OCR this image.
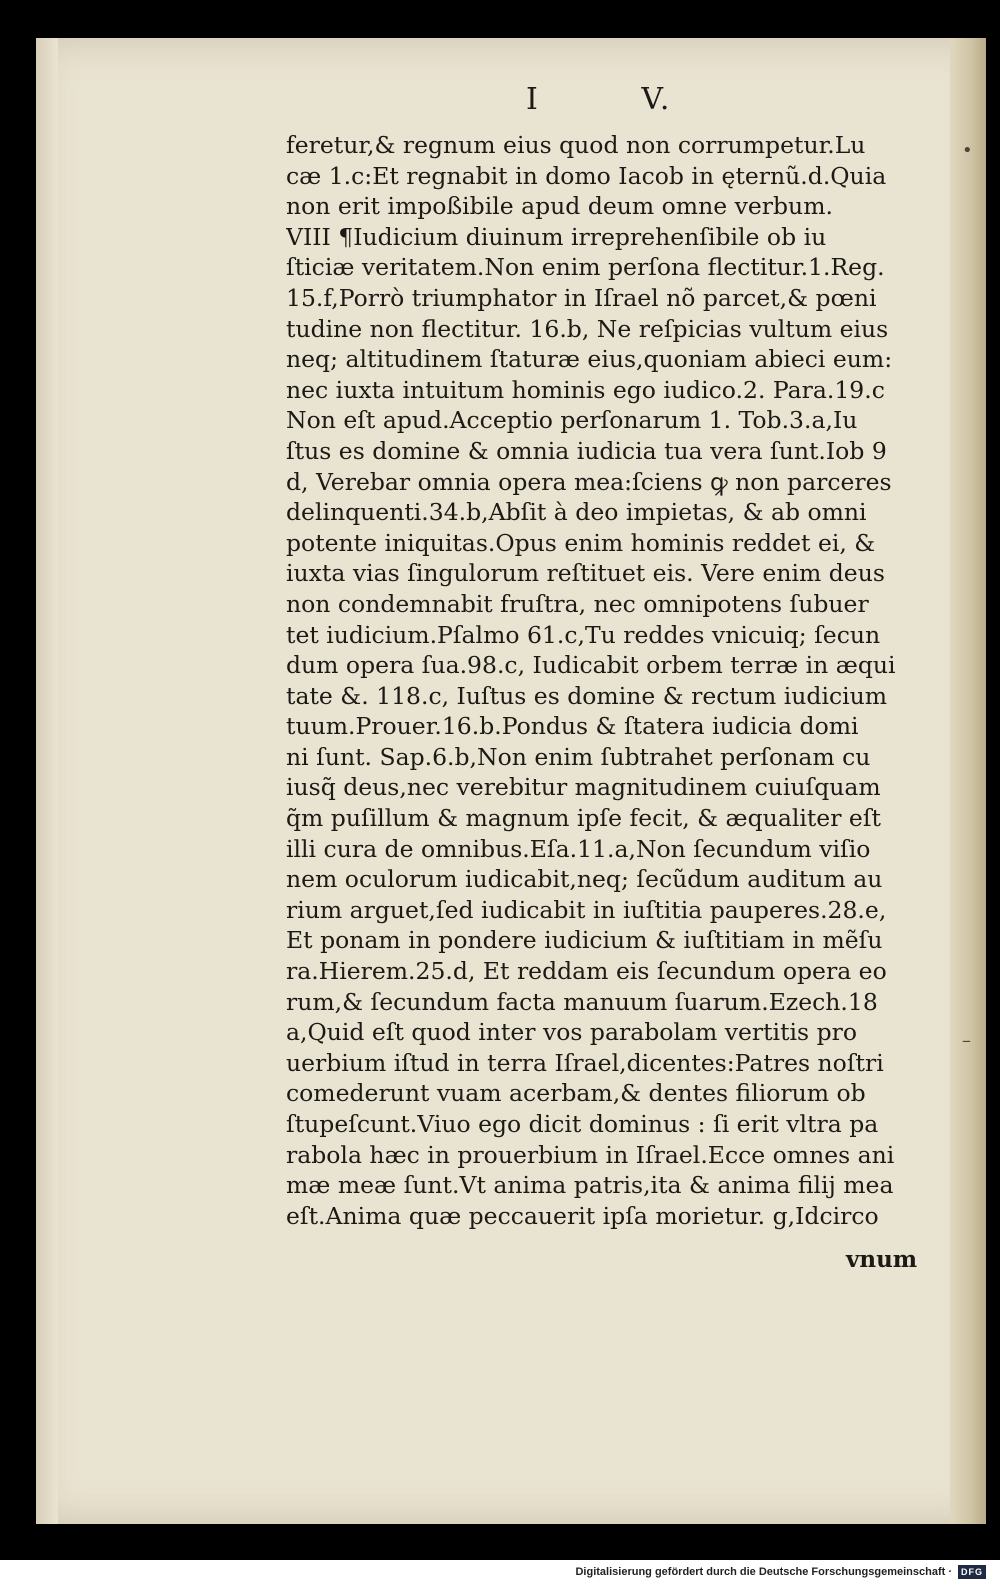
I	V.
feretur,& regnum eius quod non corrumpetur.Lu
cæ 1.c:Et regnabit in domo Iacob in ęternũ.d.Quia
non erit impoßibile apud deum omne verbum.
VIII ¶Iudicium diuinum irreprehenſibile ob iu
ſticiæ veritatem.Non enim perſona flectitur.1.Reg.
15.f,Porrò triumphator in Iſrael nõ parcet,& pœni
tudine non flectitur. 16.b, Ne reſpicias vultum eius
neq; altitudinem ſtaturæ eius,quoniam abieci eum:
nec iuxta intuitum hominis ego iudico.2. Para.19.c
Non eſt apud.Acceptio perſonarum 1. Tob.3.a,Iu
ſtus es domine & omnia iudicia tua vera ſunt.Iob 9
d, Verebar omnia opera mea:ſciens ꝙ non parceres
delinquenti.34.b,Abſit à deo impietas, & ab omni
potente iniquitas.Opus enim hominis reddet ei, &
iuxta vias ſingulorum reſtituet eis. Vere enim deus
non condemnabit fruſtra, nec omnipotens ſubuer
tet iudicium.Pſalmo 61.c,Tu reddes vnicuiq; ſecun
dum opera ſua.98.c, Iudicabit orbem terræ in æqui
tate &. 118.c, Iuſtus es domine & rectum iudicium
tuum.Prouer.16.b.Pondus & ſtatera iudicia domi
ni ſunt. Sap.6.b,Non enim ſubtrahet perſonam cu
iusq̃ deus,nec verebitur magnitudinem cuiuſquam
q̃m puſillum & magnum ipſe fecit, & æqualiter eſt
illi cura de omnibus.Eſa.11.a,Non ſecundum viſio
nem oculorum iudicabit,neq; ſecũdum auditum au
rium arguet,ſed iudicabit in iuſtitia pauperes.28.e,
Et ponam in pondere iudicium & iuſtitiam in mẽſu
ra.Hierem.25.d, Et reddam eis ſecundum opera eo
rum,& ſecundum facta manuum ſuarum.Ezech.18
a,Quid eſt quod inter vos parabolam vertitis pro
uerbium iſtud in terra Iſrael,dicentes:Patres noſtri
comederunt vuam acerbam,& dentes filiorum ob
ſtupeſcunt.Viuo ego dicit dominus : ſi erit vltra pa
rabola hæc in prouerbium in Iſrael.Ecce omnes ani
mæ meæ ſunt.Vt anima patris,ita & anima filij mea
eſt.Anima quæ peccauerit ipſa morietur. g,Idcirco
vnum
•
–
Digitalisierung gefördert durch die Deutsche Forschungsgemeinschaft ·	DFG
